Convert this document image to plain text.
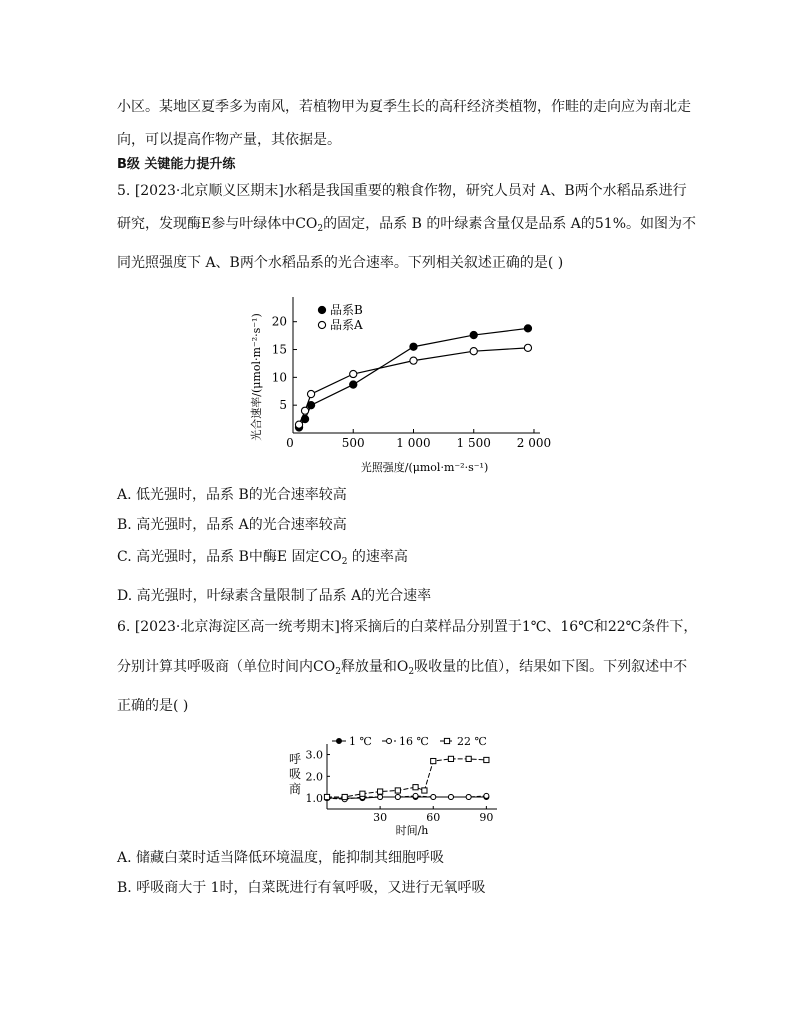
小区。某地区夏季多为南风，若植物甲为夏季生长的高秆经济类植物，作畦的走向应为南北走
向，可以提高作物产量，其依据是。
B级 关键能力提升练
5. [2023·北京顺义区期末]水稻是我国重要的粮食作物，研究人员对 A、B两个水稻品系进行
研究，发现酶E参与叶绿体中$CO_2$的固定，品系 B 的叶绿素含量仅是品系 A的51%。如图为不
同光照强度下 A、B两个水稻品系的光合速率。下列相关叙述正确的是( )
0	500	1 000 1 500 2 000
5
10
15
20
光合速率/(μmol·m⁻²·s⁻¹)
光照强度/(μmol·m⁻²·s⁻¹)
品系B
品系A
A. 低光强时，品系 B的光合速率较高
B. 高光强时，品系 A的光合速率较高
C. 高光强时，品系 B中酶E 固定$CO_2$ 的速率高
D. 高光强时，叶绿素含量限制了品系 A的光合速率
6. [2023·北京海淀区高一统考期末]将采摘后的白菜样品分别置于1℃、16℃和22℃条件下，
分别计算其呼吸商（单位时间内$CO_2$释放量和$O_2$吸收量的比值），结果如下图。下列叙述中不
正确的是( )
30	60	90
1.0
2.0
3.0
呼
吸
商
时间/h
1 ℃ 16 ℃	22 ℃
A. 储藏白菜时适当降低环境温度，能抑制其细胞呼吸
B. 呼吸商大于 1时，白菜既进行有氧呼吸，又进行无氧呼吸
